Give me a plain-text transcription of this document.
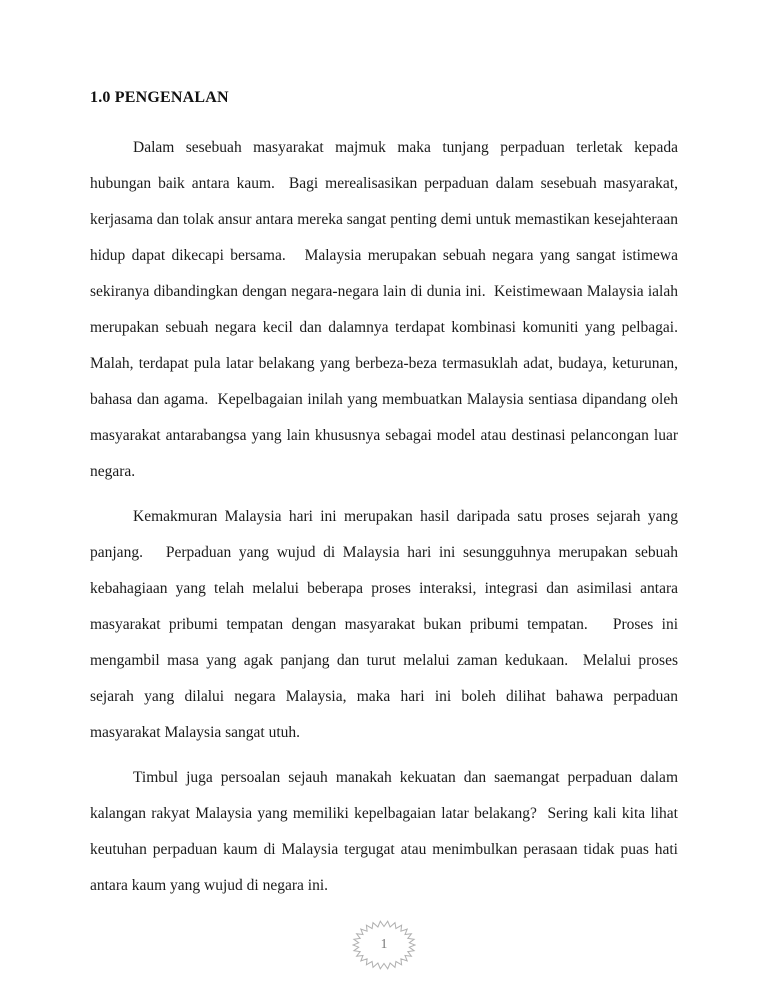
1.0 PENGENALAN

Dalam sesebuah masyarakat majmuk maka tunjang perpaduan terletak kepada hubungan baik antara kaum.  Bagi merealisasikan perpaduan dalam sesebuah masyarakat, kerjasama dan tolak ansur antara mereka sangat penting demi untuk memastikan kesejahteraan hidup dapat dikecapi bersama.   Malaysia merupakan sebuah negara yang sangat istimewa sekiranya dibandingkan dengan negara-negara lain di dunia ini.  Keistimewaan Malaysia ialah merupakan sebuah negara kecil dan dalamnya terdapat kombinasi komuniti yang pelbagai.  Malah, terdapat pula latar belakang yang berbeza-beza termasuklah adat, budaya, keturunan, bahasa dan agama.  Kepelbagaian inilah yang membuatkan Malaysia sentiasa dipandang oleh masyarakat antarabangsa yang lain khususnya sebagai model atau destinasi pelancongan luar negara.

Kemakmuran Malaysia hari ini merupakan hasil daripada satu proses sejarah yang panjang.   Perpaduan yang wujud di Malaysia hari ini sesungguhnya merupakan sebuah kebahagiaan yang telah melalui beberapa proses interaksi, integrasi dan asimilasi antara masyarakat pribumi tempatan dengan masyarakat bukan pribumi tempatan.   Proses ini mengambil masa yang agak panjang dan turut melalui zaman kedukaan.  Melalui proses sejarah yang dilalui negara Malaysia, maka hari ini boleh dilihat bahawa perpaduan masyarakat Malaysia sangat utuh.

Timbul juga persoalan sejauh manakah kekuatan dan saemangat perpaduan dalam kalangan rakyat Malaysia yang memiliki kepelbagaian latar belakang?  Sering kali kita lihat keutuhan perpaduan kaum di Malaysia tergugat atau menimbulkan perasaan tidak puas hati antara kaum yang wujud di negara ini.

1
